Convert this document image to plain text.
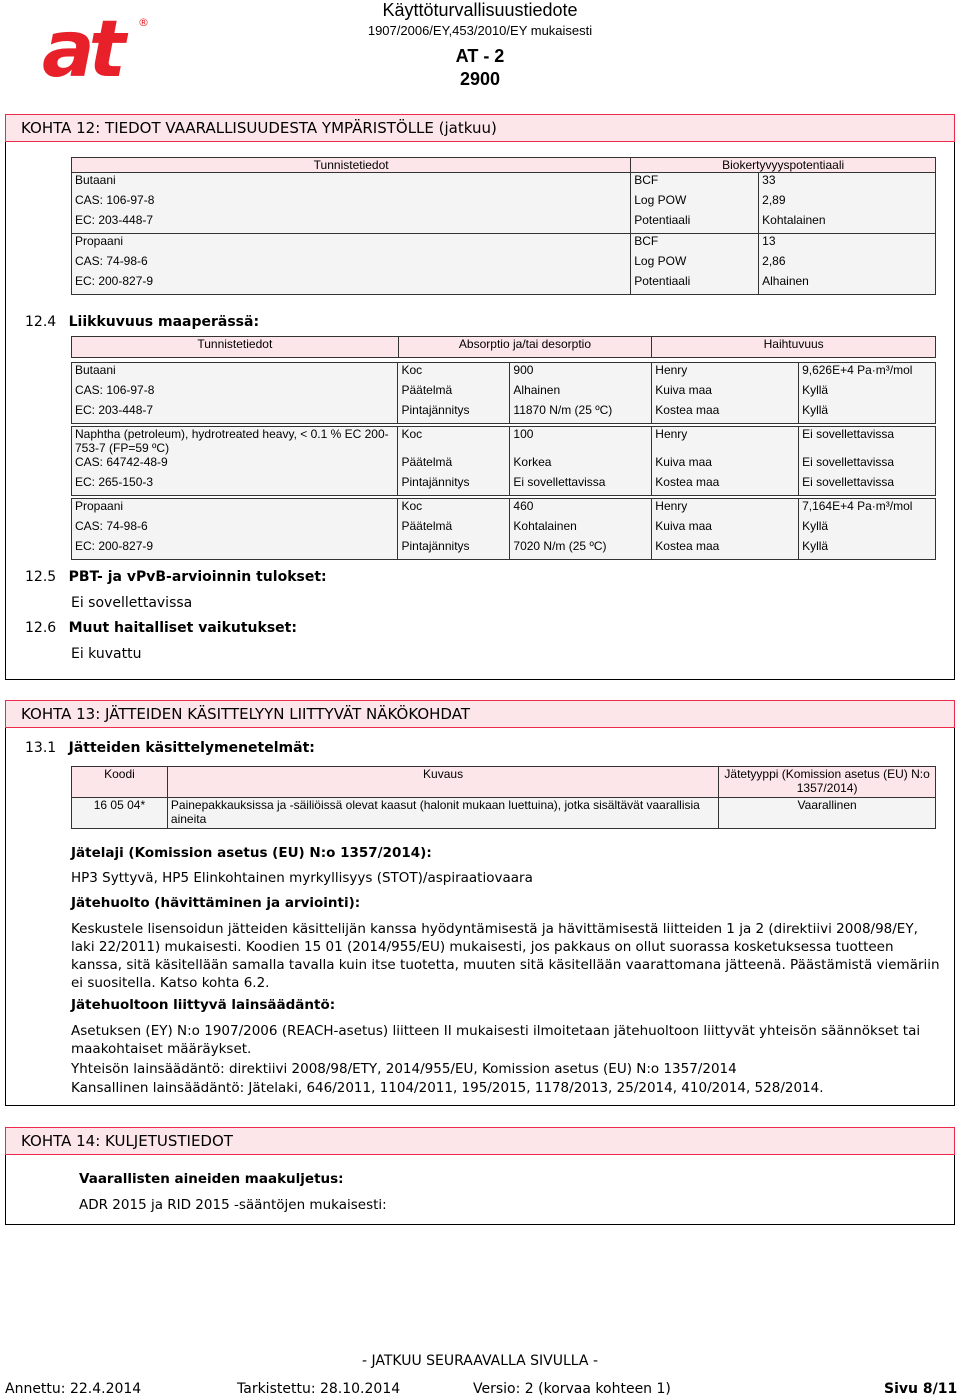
at	®
Käyttöturvallisuustiedote
1907/2006/EY,453/2010/EY mukaisesti
AT - 2
2900
KOHTA 12: TIEDOT VAARALLISUUDESTA YMPÄRISTÖLLE (jatkuu)
Tunnistetiedot	Biokertyvyyspotentiaali	
Butaani	BCF	33
CAS: 106-97-8	Log POW	2,89
EC: 203-448-7	Potentiaali	Kohtalainen
Propaani	BCF	13
CAS: 74-98-6	Log POW	2,86
EC: 200-827-9	Potentiaali	Alhainen
12.4 Liikkuvuus maaperässä:
Tunnistetiedot	Absorptio ja/tai desorptio	Haihtuvuus

Butaani	Koc	900	Henry	9,626E+4 Pa·m³/mol
CAS: 106-97-8	Päätelmä	Alhainen	Kuiva maa	Kyllä
EC: 203-448-7	Pintajännitys	11870 N/m (25 ºC)	Kostea maa	Kyllä

Naphtha (petroleum), hydrotreated heavy, < 0.1 % EC 200-753-7 (FP=59 ºC)	Koc	100	Henry	Ei sovellettavissa
CAS: 64742-48-9	Päätelmä	Korkea	Kuiva maa	Ei sovellettavissa
EC: 265-150-3	Pintajännitys	Ei sovellettavissa	Kostea maa	Ei sovellettavissa

Propaani	Koc	460	Henry	7,164E+4 Pa·m³/mol
CAS: 74-98-6	Päätelmä	Kohtalainen	Kuiva maa	Kyllä
EC: 200-827-9	Pintajännitys	7020 N/m (25 ºC)	Kostea maa	Kyllä
12.5 PBT- ja vPvB-arvioinnin tulokset:
Ei sovellettavissa
12.6 Muut haitalliset vaikutukset:
Ei kuvattu
KOHTA 13: JÄTTEIDEN KÄSITTELYYN LIITTYVÄT NÄKÖKOHDAT
13.1 Jätteiden käsittelymenetelmät:
Koodi	Kuvaus	Jätetyyppi (Komission asetus (EU) N:o 1357/2014)
16 05 04*	Painepakkauksissa ja -säiliöissä olevat kaasut (halonit mukaan luettuina), jotka sisältävät vaarallisia aineita	Vaarallinen
Jätelaji (Komission asetus (EU) N:o 1357/2014):
HP3 Syttyvä, HP5 Elinkohtainen myrkyllisyys (STOT)/aspiraatiovaara
Jätehuolto (hävittäminen ja arviointi):
Keskustele lisensoidun jätteiden käsittelijän kanssa hyödyntämisestä ja hävittämisestä liitteiden 1 ja 2 (direktiivi 2008/98/EY, laki 22/2011) mukaisesti. Koodien 15 01 (2014/955/EU) mukaisesti, jos pakkaus on ollut suorassa kosketuksessa tuotteen kanssa, sitä käsitellään samalla tavalla kuin itse tuotetta, muuten sitä käsitellään vaarattomana jätteenä. Päästämistä viemäriin ei suositella. Katso kohta 6.2.
Jätehuoltoon liittyvä lainsäädäntö:
Asetuksen (EY) N:o 1907/2006 (REACH-asetus) liitteen II mukaisesti ilmoitetaan jätehuoltoon liittyvät yhteisön säännökset tai maakohtaiset määräykset.
Yhteisön lainsäädäntö: direktiivi 2008/98/ETY, 2014/955/EU, Komission asetus (EU) N:o 1357/2014
Kansallinen lainsäädäntö: Jätelaki, 646/2011, 1104/2011, 195/2015, 1178/2013, 25/2014, 410/2014, 528/2014.
KOHTA 14: KULJETUSTIEDOT
Vaarallisten aineiden maakuljetus:
ADR 2015 ja RID 2015 -sääntöjen mukaisesti:
- JATKUU SEURAAVALLA SIVULLA -
Annettu: 22.4.2014	Tarkistettu: 28.10.2014	Versio: 2 (korvaa kohteen 1)	Sivu 8/11
